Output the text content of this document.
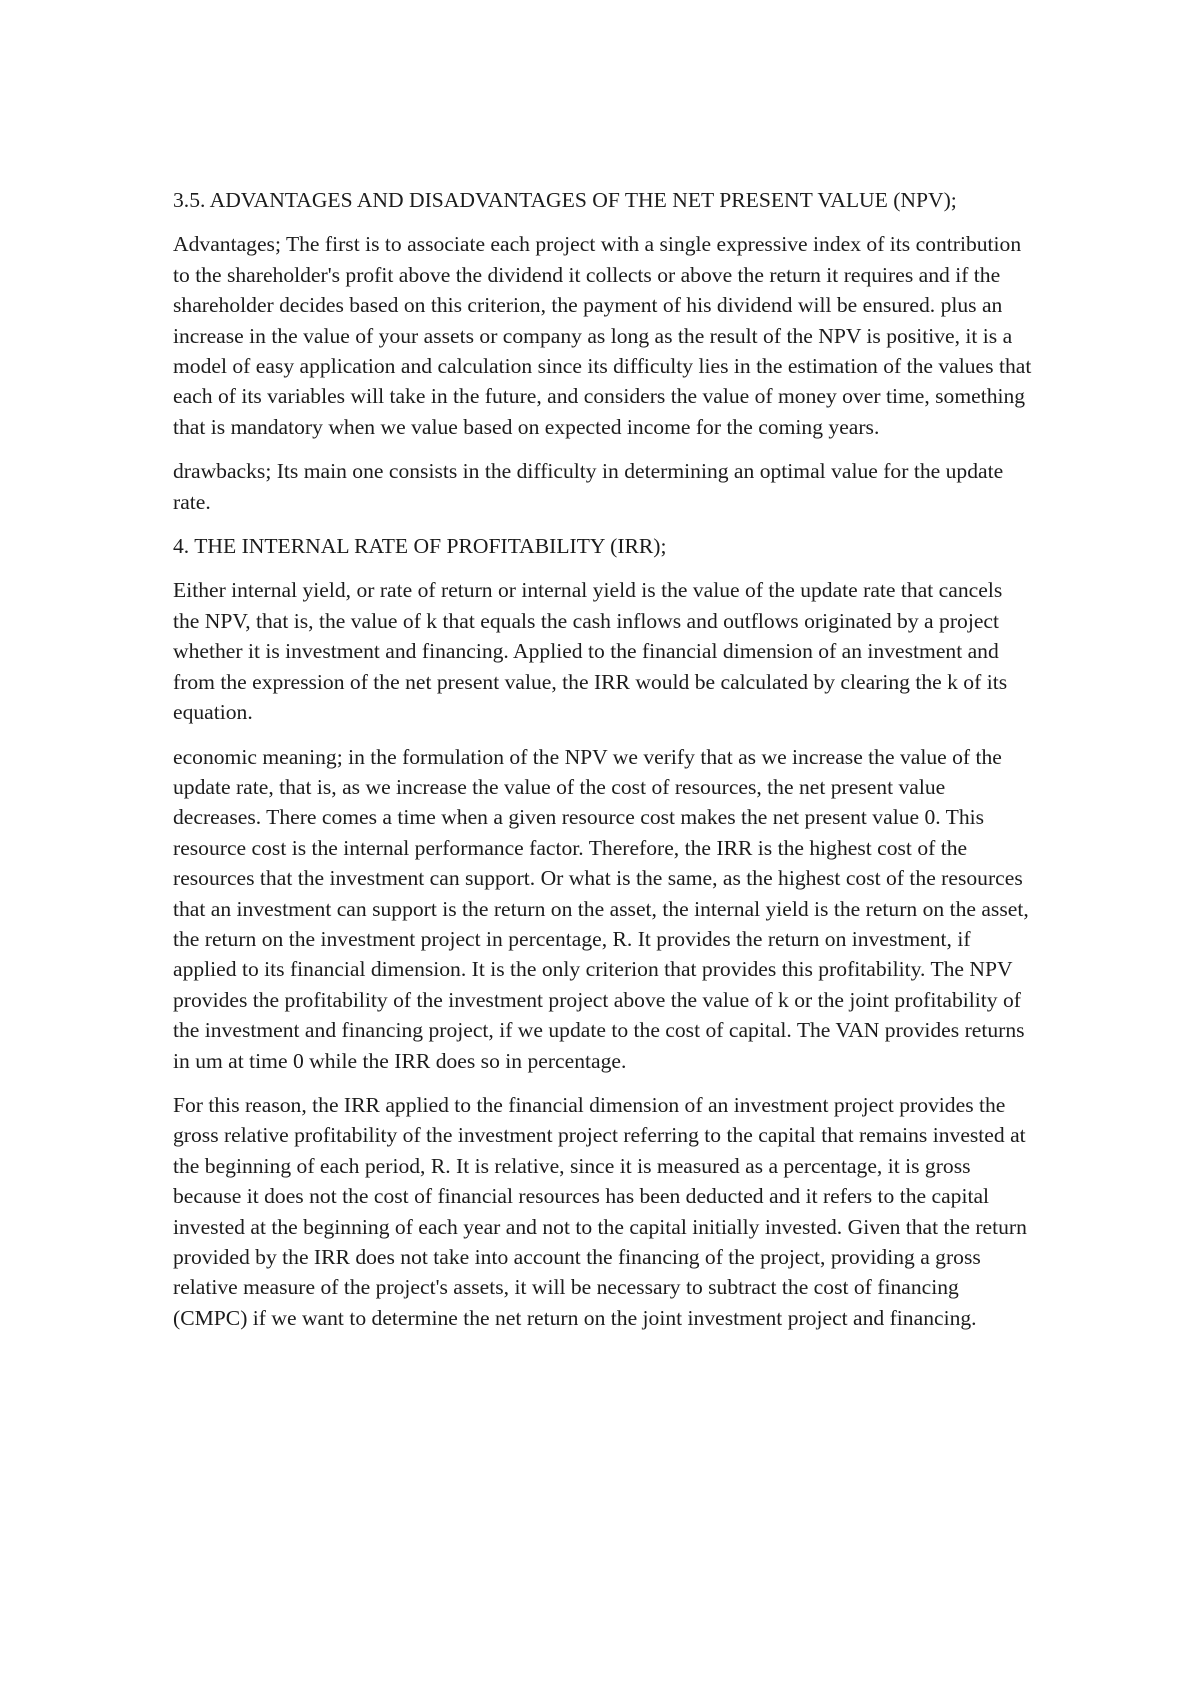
3.5. ADVANTAGES AND DISADVANTAGES OF THE NET PRESENT VALUE (NPV);

Advantages; The first is to associate each project with a single expressive index of its contribution to the shareholder's profit above the dividend it collects or above the return it requires and if the shareholder decides based on this criterion, the payment of his dividend will be ensured. plus an increase in the value of your assets or company as long as the result of the NPV is positive, it is a model of easy application and calculation since its difficulty lies in the estimation of the values that each of its variables will take in the future, and considers the value of money over time, something that is mandatory when we value based on expected income for the coming years.

drawbacks; Its main one consists in the difficulty in determining an optimal value for the update rate.

4. THE INTERNAL RATE OF PROFITABILITY (IRR);

Either internal yield, or rate of return or internal yield is the value of the update rate that cancels the NPV, that is, the value of k that equals the cash inflows and outflows originated by a project whether it is investment and financing. Applied to the financial dimension of an investment and from the expression of the net present value, the IRR would be calculated by clearing the k of its equation.

economic meaning; in the formulation of the NPV we verify that as we increase the value of the update rate, that is, as we increase the value of the cost of resources, the net present value decreases. There comes a time when a given resource cost makes the net present value 0. This resource cost is the internal performance factor. Therefore, the IRR is the highest cost of the resources that the investment can support. Or what is the same, as the highest cost of the resources that an investment can support is the return on the asset, the internal yield is the return on the asset, the return on the investment project in percentage, R. It provides the return on investment, if applied to its financial dimension. It is the only criterion that provides this profitability. The NPV provides the profitability of the investment project above the value of k or the joint profitability of the investment and financing project, if we update to the cost of capital. The VAN provides returns in um at time 0 while the IRR does so in percentage.

For this reason, the IRR applied to the financial dimension of an investment project provides the gross relative profitability of the investment project referring to the capital that remains invested at the beginning of each period, R. It is relative, since it is measured as a percentage, it is gross because it does not the cost of financial resources has been deducted and it refers to the capital invested at the beginning of each year and not to the capital initially invested. Given that the return provided by the IRR does not take into account the financing of the project, providing a gross relative measure of the project's assets, it will be necessary to subtract the cost of financing (CMPC) if we want to determine the net return on the joint investment project and financing.
